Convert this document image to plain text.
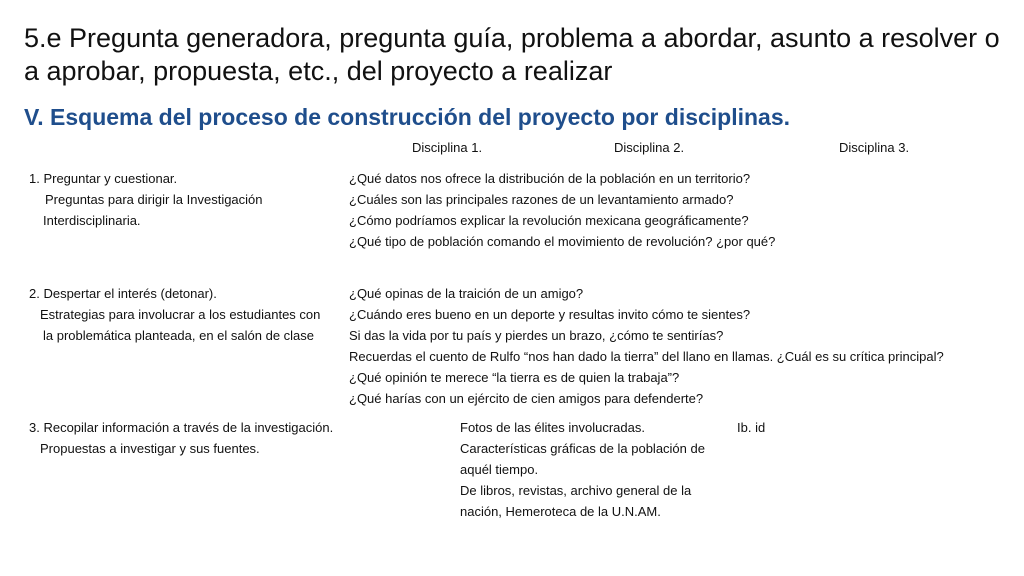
5.e Pregunta generadora, pregunta guía, problema a abordar, asunto a resolver o a aprobar, propuesta, etc., del proyecto a realizar
V. Esquema del proceso de construcción del proyecto por disciplinas.
Disciplina 1.	Disciplina 2.	Disciplina 3.
1. Preguntar y cuestionar.
Preguntas para dirigir la Investigación
Interdisciplinaria.
¿Qué datos nos ofrece la distribución de la población en un territorio?
¿Cuáles son las principales razones de un levantamiento armado?
¿Cómo podríamos explicar la revolución mexicana geográficamente?
¿Qué tipo de población comando el movimiento de revolución? ¿por qué?
2. Despertar el interés (detonar).
Estrategias para involucrar a los estudiantes con
la problemática planteada, en el salón de clase
¿Qué opinas de la traición de un amigo?
¿Cuándo eres bueno en un deporte y resultas invito cómo te sientes?
Si das la vida por tu país y pierdes un brazo, ¿cómo te sentirías?
Recuerdas el cuento de Rulfo “nos han dado la tierra” del llano en llamas. ¿Cuál es su crítica principal?
¿Qué opinión te merece “la tierra es de quien la trabaja”?
¿Qué harías con un ejército de cien amigos para defenderte?
3. Recopilar información a través de la investigación.
Propuestas a investigar y sus fuentes.
Fotos de las élites involucradas.
Características gráficas de la población de
aquél tiempo.
De libros, revistas, archivo general de la
nación, Hemeroteca de la U.N.AM.
Ib. id
